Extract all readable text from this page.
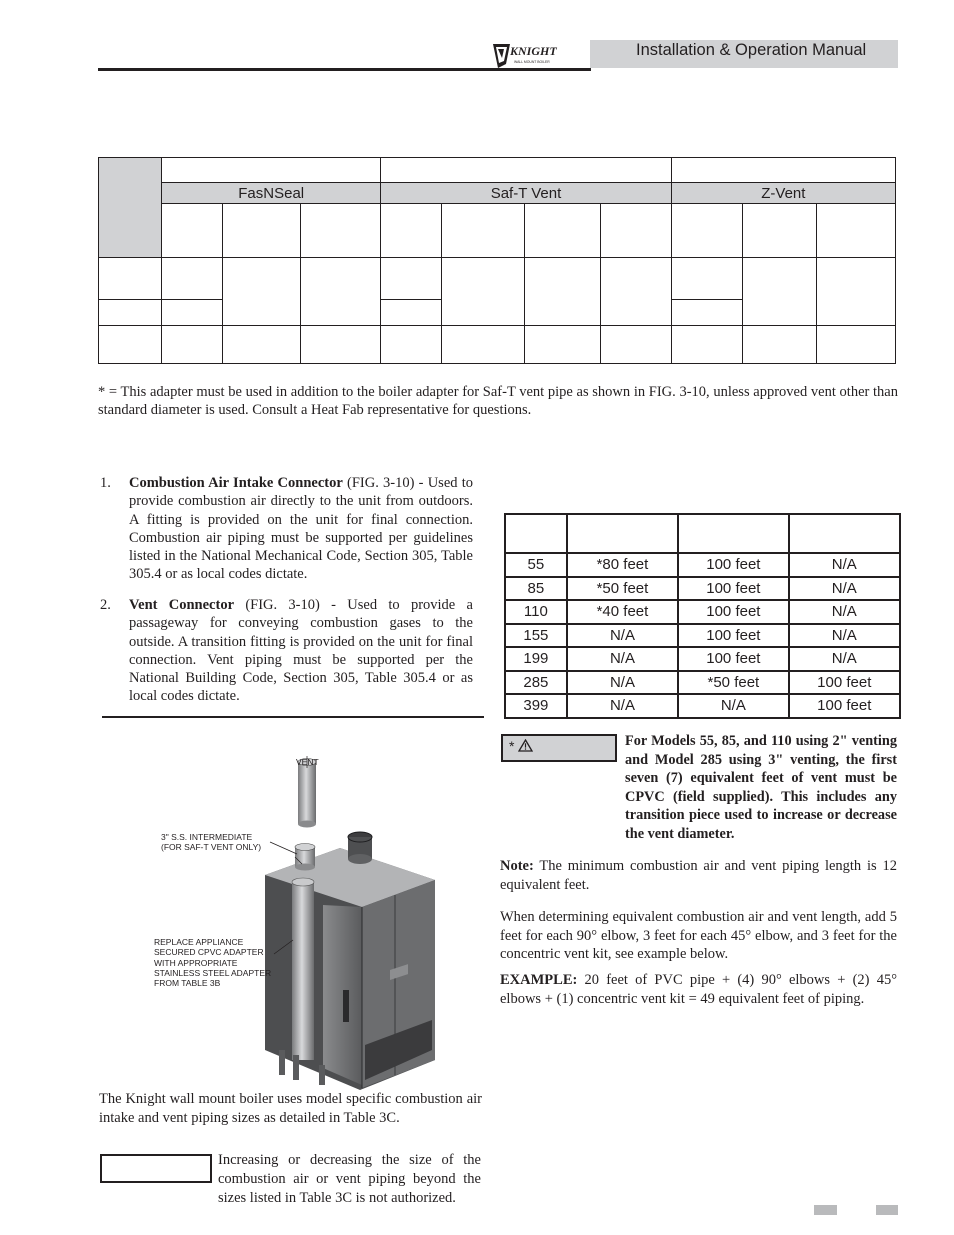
Installation & Operation Manual
KNIGHT
WALL MOUNT BOILER

	FasNSeal			Saf-T Vent				Z-Vent		

* = This adapter must be used in addition to the boiler adapter for Saf-T vent pipe as shown in FIG. 3-10, unless approved vent other than standard diameter is used. Consult a Heat Fab representative for questions.
1. Combustion Air Intake Connector (FIG. 3-10) - Used to provide combustion air directly to the unit from outdoors. A fitting is provided on the unit for final connection. Combustion air piping must be supported per guidelines listed in the National Mechanical Code, Section 305, Table 305.4 or as local codes dictate.
2. Vent Connector (FIG. 3-10) - Used to provide a passageway for conveying combustion gases to the outside. A transition fitting is provided on the unit for final connection. Vent piping must be supported per the National Building Code, Section 305, Table 305.4 or as local codes dictate.

55	*80 feet	100 feet	N/A
85	*50 feet	100 feet	N/A
110	*40 feet	100 feet	N/A
155	N/A	100 feet	N/A
199	N/A	100 feet	N/A
285	N/A	*50 feet	100 feet
399	N/A	N/A	100 feet
*	For Models 55, 85, and 110 using 2" venting and Model 285 using 3" venting, the first seven (7) equivalent feet of vent must be CPVC (field supplied). This includes any transition piece used to increase or decrease the vent diameter.
Note: The minimum combustion air and vent piping length is 12 equivalent feet.
When determining equivalent combustion air and vent length, add 5 feet for each 90° elbow, 3 feet for each 45° elbow, and 3 feet for the concentric vent kit, see example below.
EXAMPLE: 20 feet of PVC pipe + (4) 90° elbows + (2) 45° elbows + (1) concentric vent kit = 49 equivalent feet of piping.
VENT
3" S.S. INTERMEDIATE
(FOR SAF-T VENT ONLY)
REPLACE APPLIANCE
SECURED CPVC ADAPTER
WITH APPROPRIATE
STAINLESS STEEL ADAPTER
FROM TABLE 3B
The Knight wall mount boiler uses model specific combustion air intake and vent piping sizes as detailed in Table 3C.
Increasing or decreasing the size of the combustion air or vent piping beyond the sizes listed in Table 3C is not authorized.
